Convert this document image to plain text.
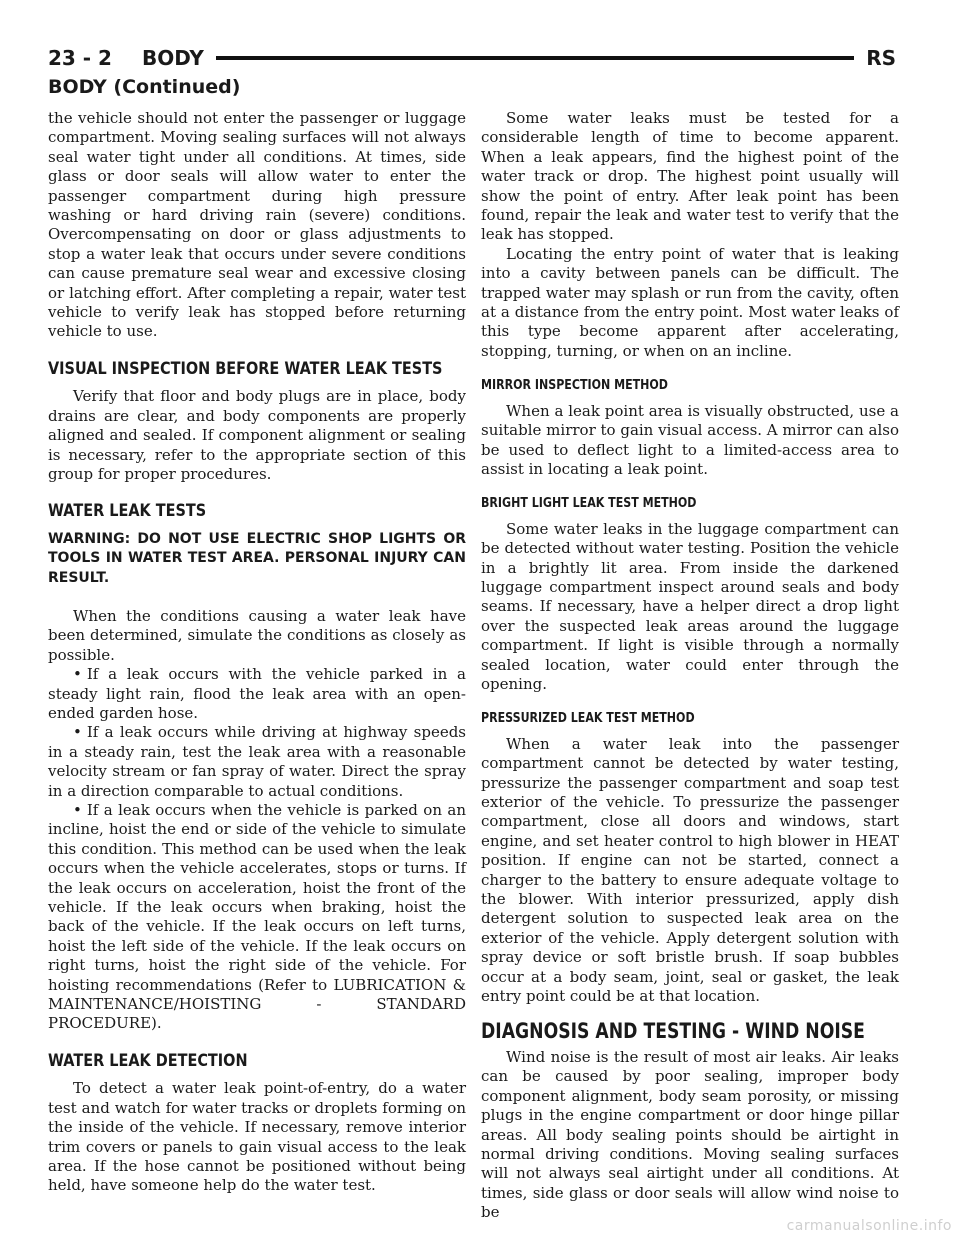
23 - 2 BODY	RS
BODY (Continued)

the vehicle should not enter the passenger or luggage compartment. Moving sealing surfaces will not always seal water tight under all conditions. At times, side glass or door seals will allow water to enter the passenger compartment during high pressure washing or hard driving rain (severe) conditions. Overcompensating on door or glass adjustments to stop a water leak that occurs under severe conditions can cause premature seal wear and excessive closing or latching effort. After completing a repair, water test vehicle to verify leak has stopped before returning vehicle to use.

VISUAL INSPECTION BEFORE WATER LEAK TESTS

Verify that floor and body plugs are in place, body drains are clear, and body components are properly aligned and sealed. If component alignment or sealing is necessary, refer to the appropriate section of this group for proper procedures.

WATER LEAK TESTS

WARNING: DO NOT USE ELECTRIC SHOP LIGHTS OR TOOLS IN WATER TEST AREA. PERSONAL INJURY CAN RESULT.

When the conditions causing a water leak have been determined, simulate the conditions as closely as possible.

• If a leak occurs with the vehicle parked in a steady light rain, flood the leak area with an open-ended garden hose.

• If a leak occurs while driving at highway speeds in a steady rain, test the leak area with a reasonable velocity stream or fan spray of water. Direct the spray in a direction comparable to actual conditions.

• If a leak occurs when the vehicle is parked on an incline, hoist the end or side of the vehicle to simulate this condition. This method can be used when the leak occurs when the vehicle accelerates, stops or turns. If the leak occurs on acceleration, hoist the front of the vehicle. If the leak occurs when braking, hoist the back of the vehicle. If the leak occurs on left turns, hoist the left side of the vehicle. If the leak occurs on right turns, hoist the right side of the vehicle. For hoisting recommendations (Refer to LUBRICATION & MAINTENANCE/HOISTING - STANDARD PROCEDURE).

WATER LEAK DETECTION

To detect a water leak point-of-entry, do a water test and watch for water tracks or droplets forming on the inside of the vehicle. If necessary, remove interior trim covers or panels to gain visual access to the leak area. If the hose cannot be positioned without being held, have someone help do the water test.

Some water leaks must be tested for a considerable length of time to become apparent. When a leak appears, find the highest point of the water track or drop. The highest point usually will show the point of entry. After leak point has been found, repair the leak and water test to verify that the leak has stopped.

Locating the entry point of water that is leaking into a cavity between panels can be difficult. The trapped water may splash or run from the cavity, often at a distance from the entry point. Most water leaks of this type become apparent after accelerating, stopping, turning, or when on an incline.

MIRROR INSPECTION METHOD

When a leak point area is visually obstructed, use a suitable mirror to gain visual access. A mirror can also be used to deflect light to a limited-access area to assist in locating a leak point.

BRIGHT LIGHT LEAK TEST METHOD

Some water leaks in the luggage compartment can be detected without water testing. Position the vehicle in a brightly lit area. From inside the darkened luggage compartment inspect around seals and body seams. If necessary, have a helper direct a drop light over the suspected leak areas around the luggage compartment. If light is visible through a normally sealed location, water could enter through the opening.

PRESSURIZED LEAK TEST METHOD

When a water leak into the passenger compartment cannot be detected by water testing, pressurize the passenger compartment and soap test exterior of the vehicle. To pressurize the passenger compartment, close all doors and windows, start engine, and set heater control to high blower in HEAT position. If engine can not be started, connect a charger to the battery to ensure adequate voltage to the blower. With interior pressurized, apply dish detergent solution to suspected leak area on the exterior of the vehicle. Apply detergent solution with spray device or soft bristle brush. If soap bubbles occur at a body seam, joint, seal or gasket, the leak entry point could be at that location.

DIAGNOSIS AND TESTING - WIND NOISE

Wind noise is the result of most air leaks. Air leaks can be caused by poor sealing, improper body component alignment, body seam porosity, or missing plugs in the engine compartment or door hinge pillar areas. All body sealing points should be airtight in normal driving conditions. Moving sealing surfaces will not always seal airtight under all conditions. At times, side glass or door seals will allow wind noise to be

carmanualsonline.info
